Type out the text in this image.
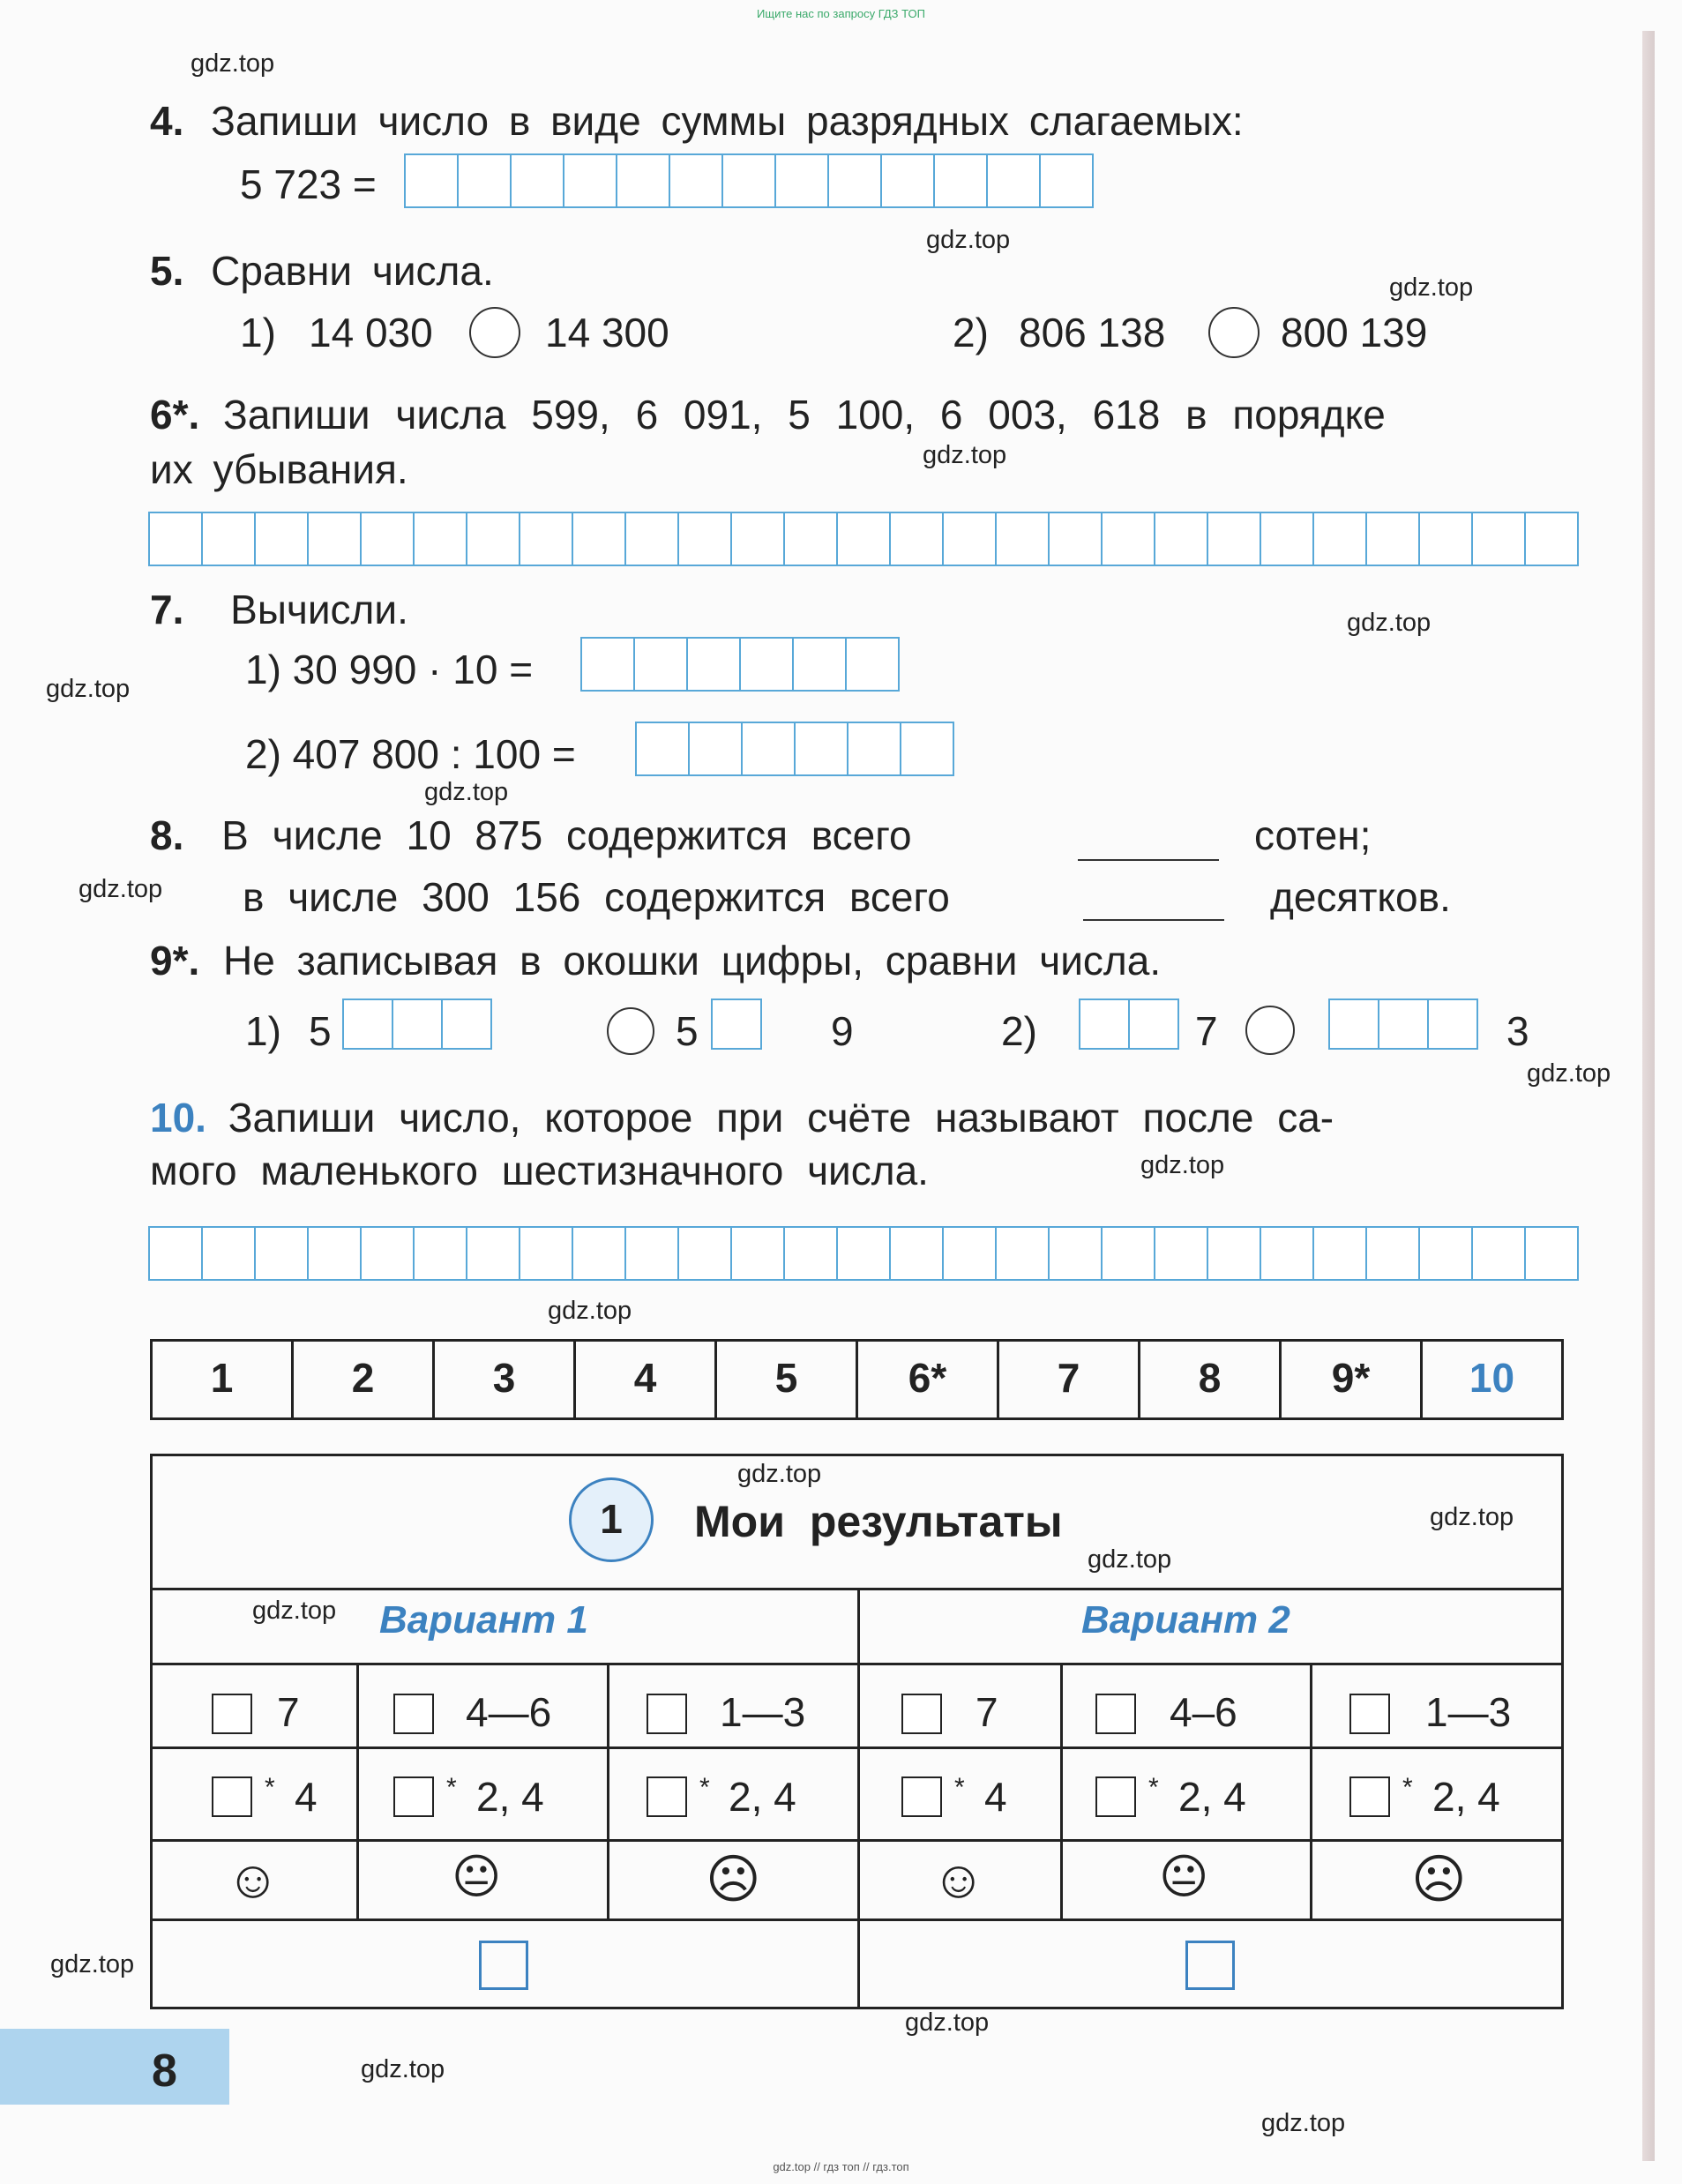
Ищите нас по запросу ГДЗ ТОП
gdz.top // гдз топ // гдз.топ
gdz.top
gdz.top
gdz.top
gdz.top
gdz.top
gdz.top
gdz.top
gdz.top
gdz.top
gdz.top
gdz.top
gdz.top
gdz.top
gdz.top
gdz.top
gdz.top
gdz.top
gdz.top
gdz.top
4. Запиши число в виде суммы разрядных слагаемых:
5 723 =
5. Сравни числа.
1) 14 030	14 300	2) 806 138	800 139
6*. Запиши числа 599, 6 091, 5 100, 6 003, 618 в порядке
их убывания.
7. Вычисли.
1) 30 990 · 10 =
2) 407 800 : 100 =
8. В числе 10 875 содержится всего	сотен;
в числе 300 156 содержится всего	десятков.
9*. Не записывая в окошки цифры, сравни числа.
1) 5	5	9	2)	7	3
10. Запиши число, которое при счёте называют после са-
мого маленького шестизначного числа.
1	2	3	4	5	6*	7	8	9*	10
1	Мои результаты
Вариант 1	Вариант 2
7	4—6	1—3	7	4–6	1—3
* 4	* 2, 4	* 2, 4	* 4	* 2, 4	* 2, 4
☺	😐	☹	☺	😐	☹
8
